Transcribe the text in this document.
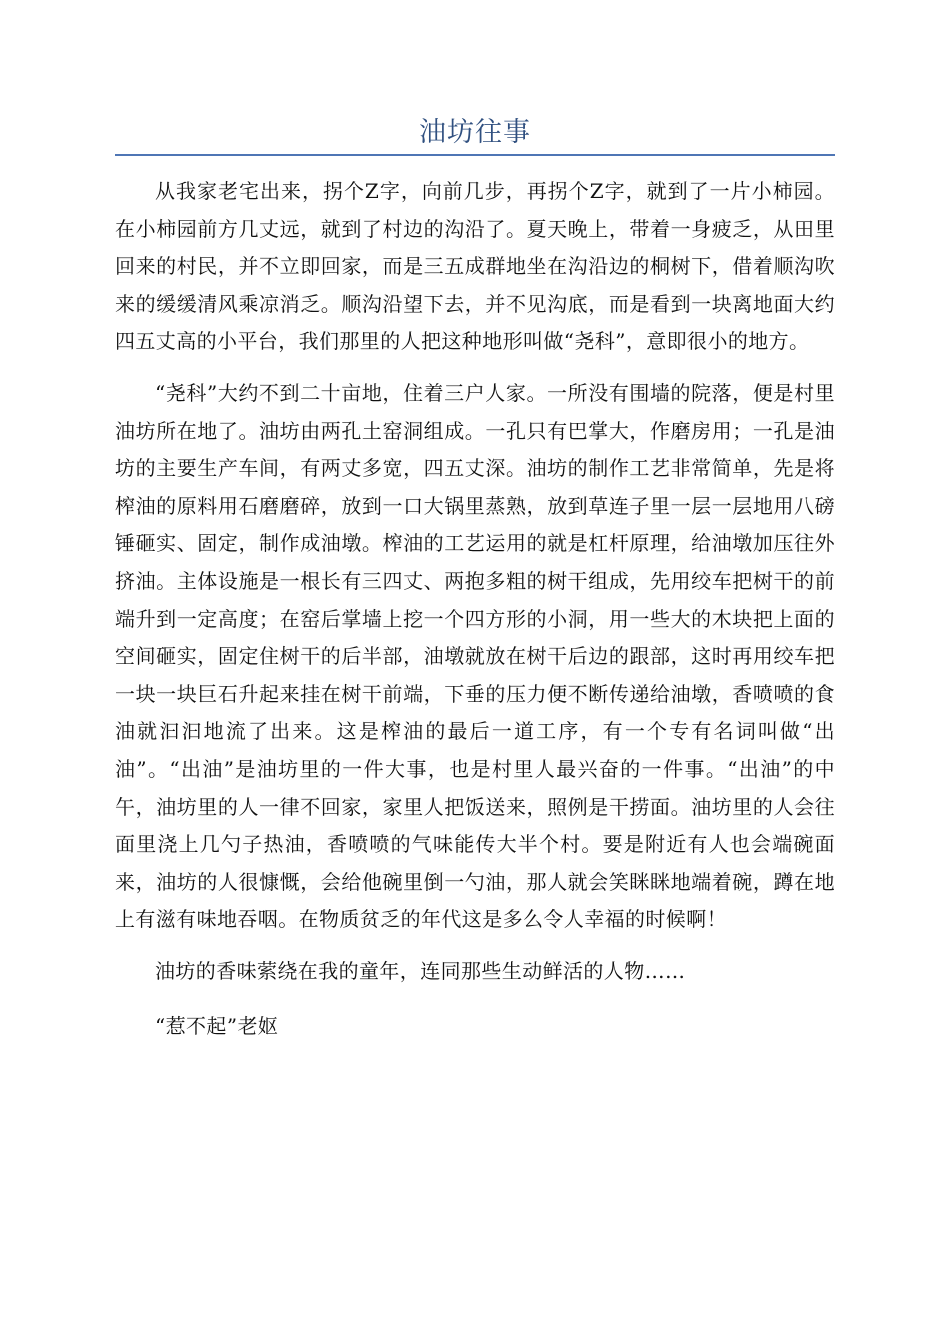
油坊往事

从我家老宅出来，拐个Z字，向前几步，再拐个Z字，就到了一片小柿园。在小柿园前方几丈远，就到了村边的沟沿了。夏天晚上，带着一身疲乏，从田里回来的村民，并不立即回家，而是三五成群地坐在沟沿边的桐树下，借着顺沟吹来的缓缓清风乘凉消乏。顺沟沿望下去，并不见沟底，而是看到一块离地面大约四五丈高的小平台，我们那里的人把这种地形叫做“尧科”，意即很小的地方。

“尧科”大约不到二十亩地，住着三户人家。一所没有围墙的院落，便是村里油坊所在地了。油坊由两孔土窑洞组成。一孔只有巴掌大，作磨房用；一孔是油坊的主要生产车间，有两丈多宽，四五丈深。油坊的制作工艺非常简单，先是将榨油的原料用石磨磨碎，放到一口大锅里蒸熟，放到草连子里一层一层地用八磅锤砸实、固定，制作成油墩。榨油的工艺运用的就是杠杆原理，给油墩加压往外挤油。主体设施是一根长有三四丈、两抱多粗的树干组成，先用绞车把树干的前端升到一定高度；在窑后掌墙上挖一个四方形的小洞，用一些大的木块把上面的空间砸实，固定住树干的后半部，油墩就放在树干后边的跟部，这时再用绞车把一块一块巨石升起来挂在树干前端，下垂的压力便不断传递给油墩，香喷喷的食油就汩汩地流了出来。这是榨油的最后一道工序，有一个专有名词叫做“出油”。“出油”是油坊里的一件大事，也是村里人最兴奋的一件事。“出油”的中午，油坊里的人一律不回家，家里人把饭送来，照例是干捞面。油坊里的人会往面里浇上几勺子热油，香喷喷的气味能传大半个村。要是附近有人也会端碗面来，油坊的人很慷慨，会给他碗里倒一勺油，那人就会笑眯眯地端着碗，蹲在地上有滋有味地吞咽。在物质贫乏的年代这是多么令人幸福的时候啊！

油坊的香味萦绕在我的童年，连同那些生动鲜活的人物……

“惹不起”老妪
